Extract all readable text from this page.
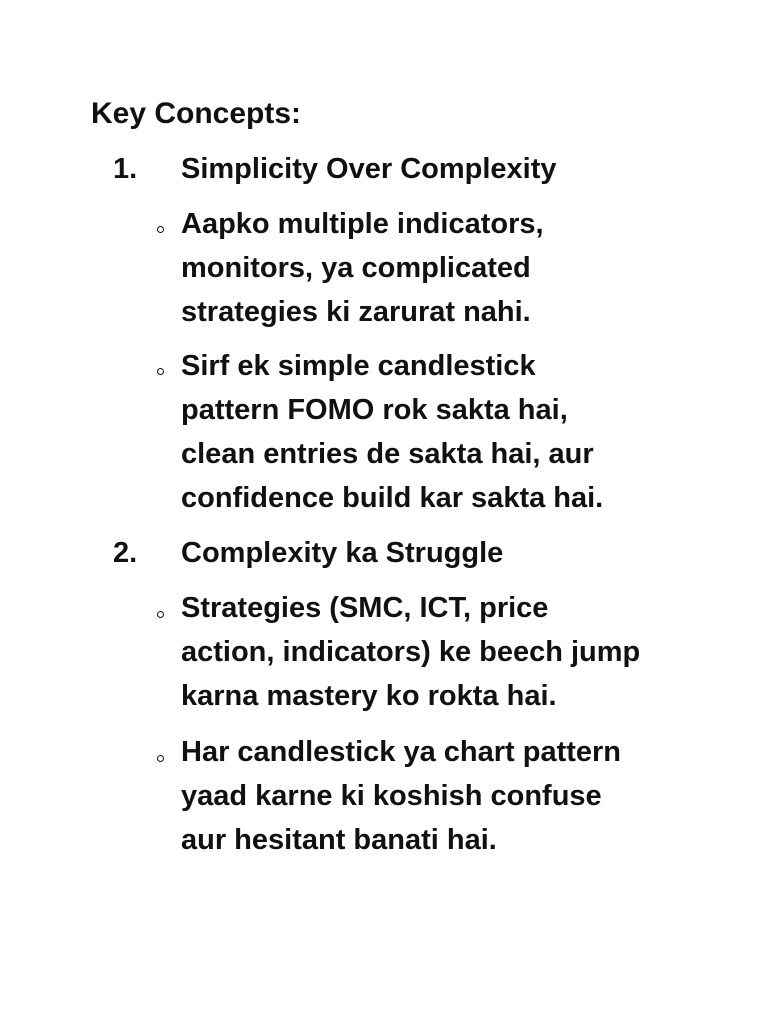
Key Concepts:
1. Simplicity Over Complexity
Aapko multiple indicators,
monitors, ya complicated
strategies ki zarurat nahi.
Sirf ek simple candlestick
pattern FOMO rok sakta hai,
clean entries de sakta hai, aur
confidence build kar sakta hai.
2. Complexity ka Struggle
Strategies (SMC, ICT, price
action, indicators) ke beech jump
karna mastery ko rokta hai.
Har candlestick ya chart pattern
yaad karne ki koshish confuse
aur hesitant banati hai.
